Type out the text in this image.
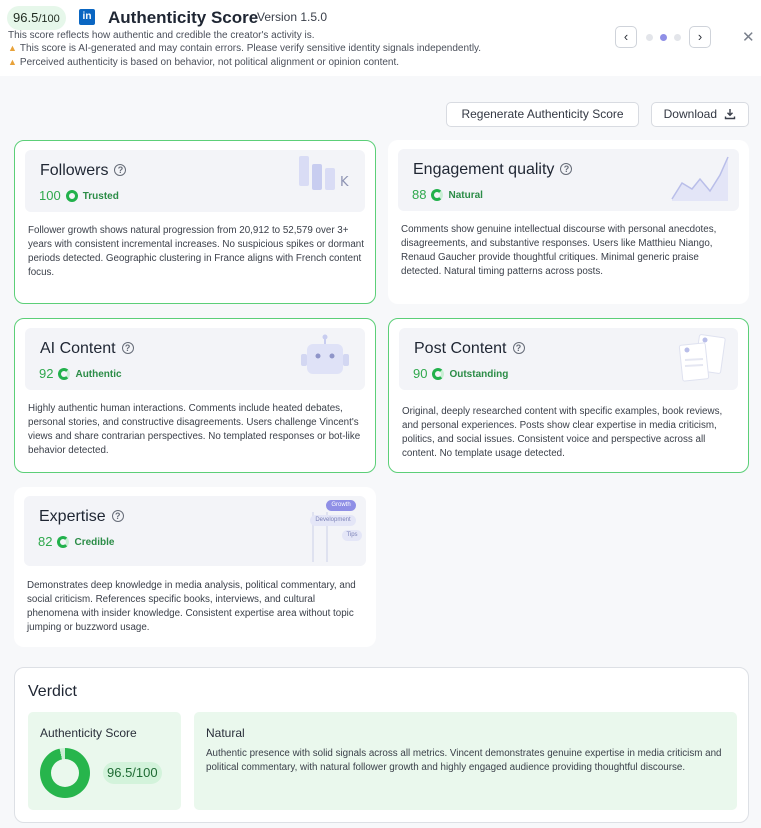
96.5/100	in Authenticity Score
Version 1.5.0
This score reflects how authentic and credible the creator's activity is.
▲ This score is AI-generated and may contain errors. Please verify sensitive identity signals independently.
▲ Perceived authenticity is based on behavior, not political alignment or opinion content.
‹	›	✕
Regenerate Authenticity Score	Download
Followers ?
100 Trusted
K
Follower growth shows natural progression from 20,912 to 52,579 over 3+ years with consistent incremental increases. No suspicious spikes or dormant periods detected. Geographic clustering in France aligns with French content focus.
Engagement quality ?
88 Natural
Comments show genuine intellectual discourse with personal anecdotes, disagreements, and substantive responses. Users like Matthieu Niango, Renaud Gaucher provide thoughtful critiques. Minimal generic praise detected. Natural timing patterns across posts.
AI Content ?
92 Authentic
Highly authentic human interactions. Comments include heated debates, personal stories, and constructive disagreements. Users challenge Vincent's views and share contrarian perspectives. No templated responses or bot-like behavior detected.
Post Content ?
90 Outstanding
Original, deeply researched content with specific examples, book reviews, and personal experiences. Posts show clear expertise in media criticism, politics, and social issues. Consistent voice and perspective across all content. No template usage detected.
Expertise ?
82 Credible
Growth
Development
Tips
Demonstrates deep knowledge in media analysis, political commentary, and social criticism. References specific books, interviews, and cultural phenomena with insider knowledge. Consistent expertise area without topic jumping or buzzword usage.
Verdict
Authenticity Score
96.5/100
Natural
Authentic presence with solid signals across all metrics. Vincent demonstrates genuine expertise in media criticism and political commentary, with natural follower growth and highly engaged audience providing thoughtful discourse.
